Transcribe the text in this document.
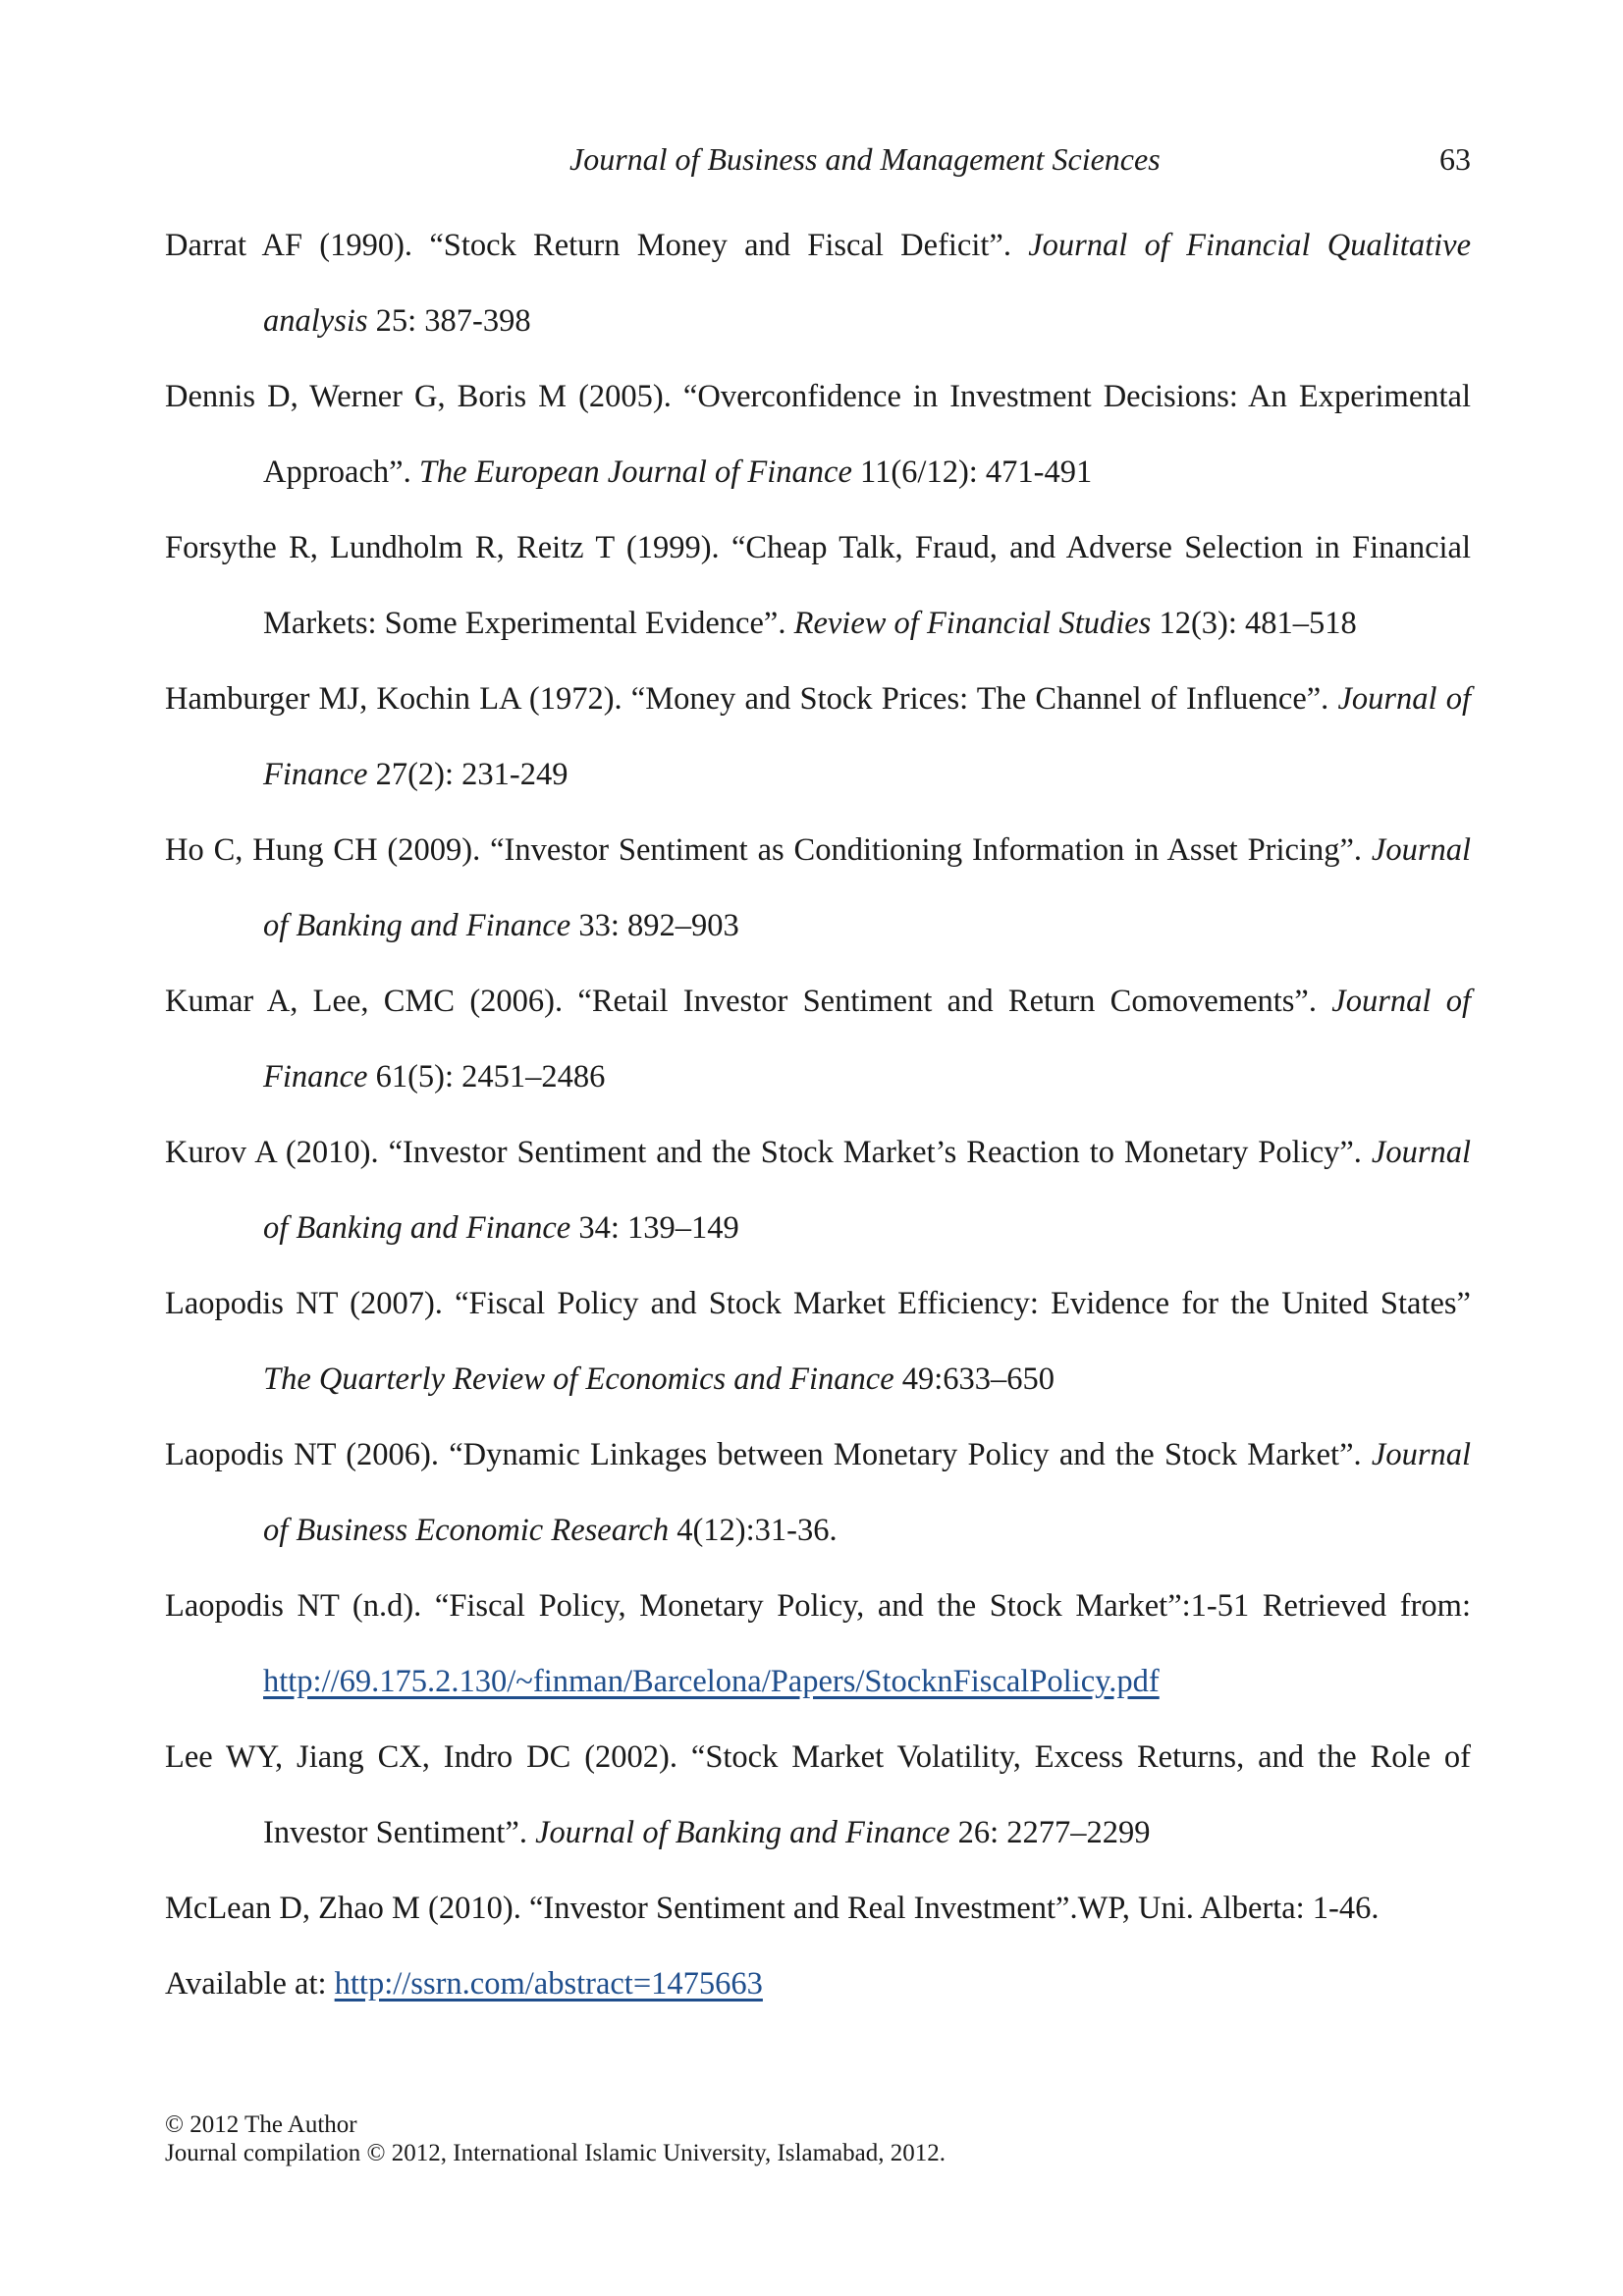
Journal of Business and Management Sciences	63

Darrat AF (1990). “Stock Return Money and Fiscal Deficit”. Journal of Financial Qualitative analysis 25: 387-398

Dennis D, Werner G, Boris M (2005). “Overconfidence in Investment Decisions: An Experimental Approach”. The European Journal of Finance 11(6/12): 471-491

Forsythe R, Lundholm R, Reitz T (1999). “Cheap Talk, Fraud, and Adverse Selection in Financial Markets: Some Experimental Evidence”. Review of Financial Studies 12(3): 481–518

Hamburger MJ, Kochin LA (1972). “Money and Stock Prices: The Channel of Influence”. Journal of Finance 27(2): 231-249

Ho C, Hung CH (2009). “Investor Sentiment as Conditioning Information in Asset Pricing”. Journal of Banking and Finance 33: 892–903

Kumar A, Lee, CMC (2006). “Retail Investor Sentiment and Return Comovements”. Journal of Finance 61(5): 2451–2486

Kurov A (2010). “Investor Sentiment and the Stock Market’s Reaction to Monetary Policy”. Journal of Banking and Finance 34: 139–149

Laopodis NT (2007). “Fiscal Policy and Stock Market Efficiency: Evidence for the United States” The Quarterly Review of Economics and Finance 49:633–650

Laopodis NT (2006). “Dynamic Linkages between Monetary Policy and the Stock Market”. Journal of Business Economic Research 4(12):31-36.

Laopodis NT (n.d). “Fiscal Policy, Monetary Policy, and the Stock Market”:1-51 Retrieved from: http://69.175.2.130/~finman/Barcelona/Papers/StocknFiscalPolicy.pdf

Lee WY, Jiang CX, Indro DC (2002). “Stock Market Volatility, Excess Returns, and the Role of Investor Sentiment”. Journal of Banking and Finance 26: 2277–2299

McLean D, Zhao M (2010). “Investor Sentiment and Real Investment”.WP, Uni. Alberta: 1-46.

Available at: http://ssrn.com/abstract=1475663

© 2012 The Author
Journal compilation © 2012, International Islamic University, Islamabad, 2012.
